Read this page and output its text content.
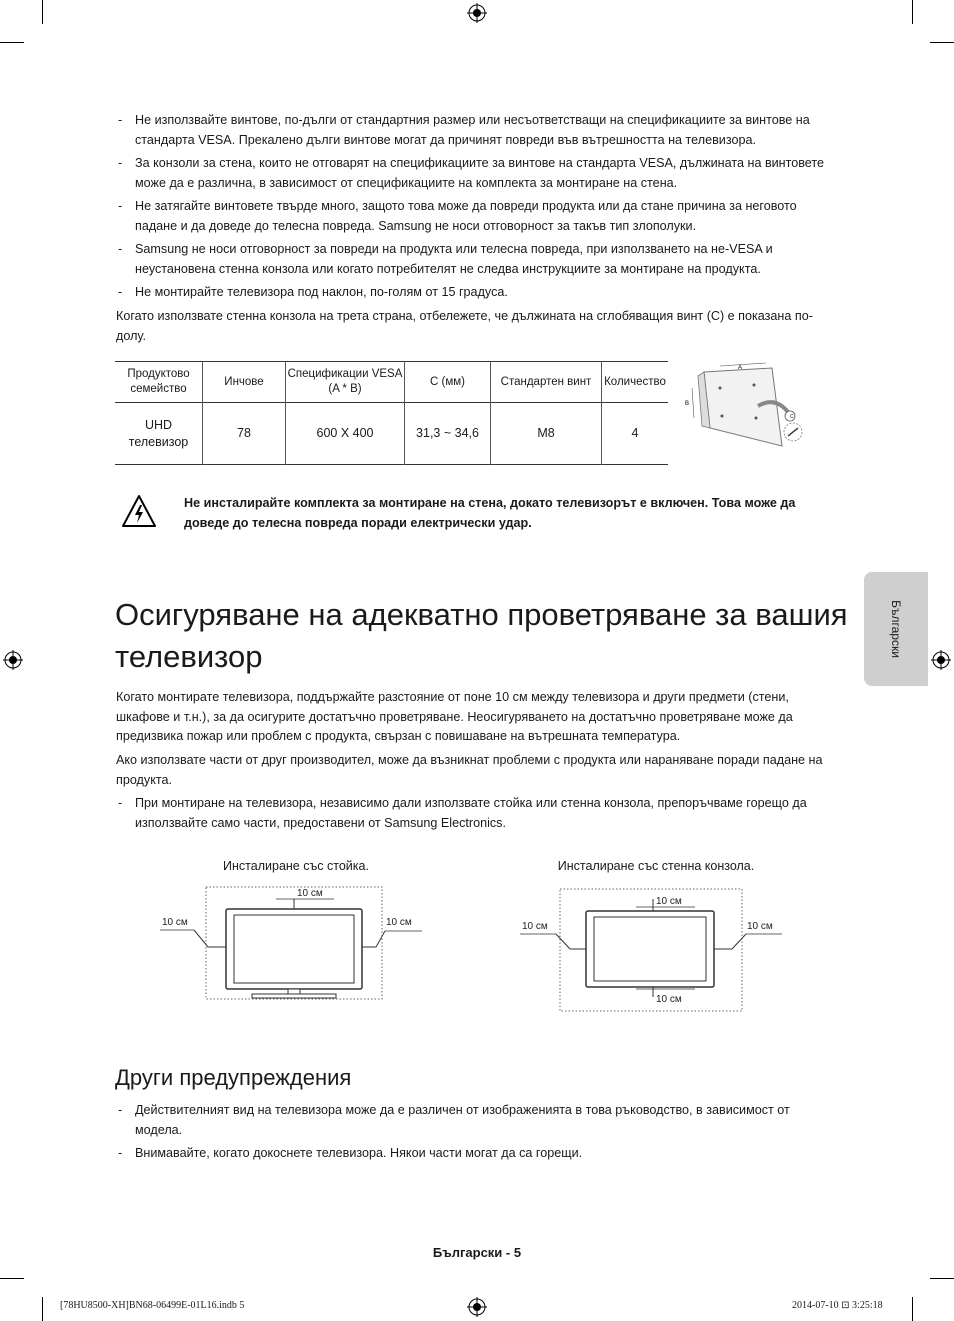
- Не използвайте винтове, по-дълги от стандартния размер или несъответстващи на спецификациите за винтове на стандарта VESA. Прекалено дълги винтове могат да причинят повреди във вътрешността на телевизора.
- За конзоли за стена, които не отговарят на спецификациите за винтове на стандарта VESA, дължината на винтовете може да е различна, в зависимост от спецификациите на комплекта за монтиране на стена.
- Не затягайте винтовете твърде много, защото това може да повреди продукта или да стане причина за неговото падане и да доведе до телесна повреда. Samsung не носи отговорност за такъв тип злополуки.
- Samsung не носи отговорност за повреди на продукта или телесна повреда, при използването на не-VESA и неустановена стенна конзола или когато потребителят не следва инструкциите за монтиране на продукта.
- Не монтирайте телевизора под наклон, по-голям от 15 градуса.
Когато използвате стенна конзола на трета страна, отбележете, че дължината на сглобяващия винт (C) е показана по-долу.
Продуктово семейство	Инчове	Спецификации VESA (A * B)	C (мм)	Стандартен винт	Количество
UHD телевизор	78	600 X 400	31,3 ~ 34,6	M8	4
A
B
C
Не инсталирайте комплекта за монтиране на стена, докато телевизорът е включен. Това може да доведе до телесна повреда поради електрически удар.
Осигуряване на адекватно проветряване за вашия телевизор
Когато монтирате телевизора, поддържайте разстояние от поне 10 см между телевизора и други предмети (стени, шкафове и т.н.), за да осигурите достатъчно проветряване. Неосигуряването на достатъчно проветряване може да предизвика пожар или проблем с продукта, свързан с повишаване на вътрешната температура.
Ако използвате части от друг производител, може да възникнат проблеми с продукта или нараняване поради падане на продукта.
- При монтиране на телевизора, независимо дали използвате стойка или стенна конзола, препоръчваме горещо да използвайте само части, предоставени от Samsung Electronics.
Български
Инсталиране със стойка.	Инсталиране със стенна конзола.
10 см
10 см	10 см
10 см
10 см
10 см	10 см
Други предупреждения
- Действителният вид на телевизора може да е различен от изображенията в това ръководство, в зависимост от модела.
- Внимавайте, когато докоснете телевизора. Някои части могат да са горещи.
Български - 5
[78HU8500-XH]BN68-06499E-01L16.indb 5	2014-07-10 ⊡ 3:25:18
